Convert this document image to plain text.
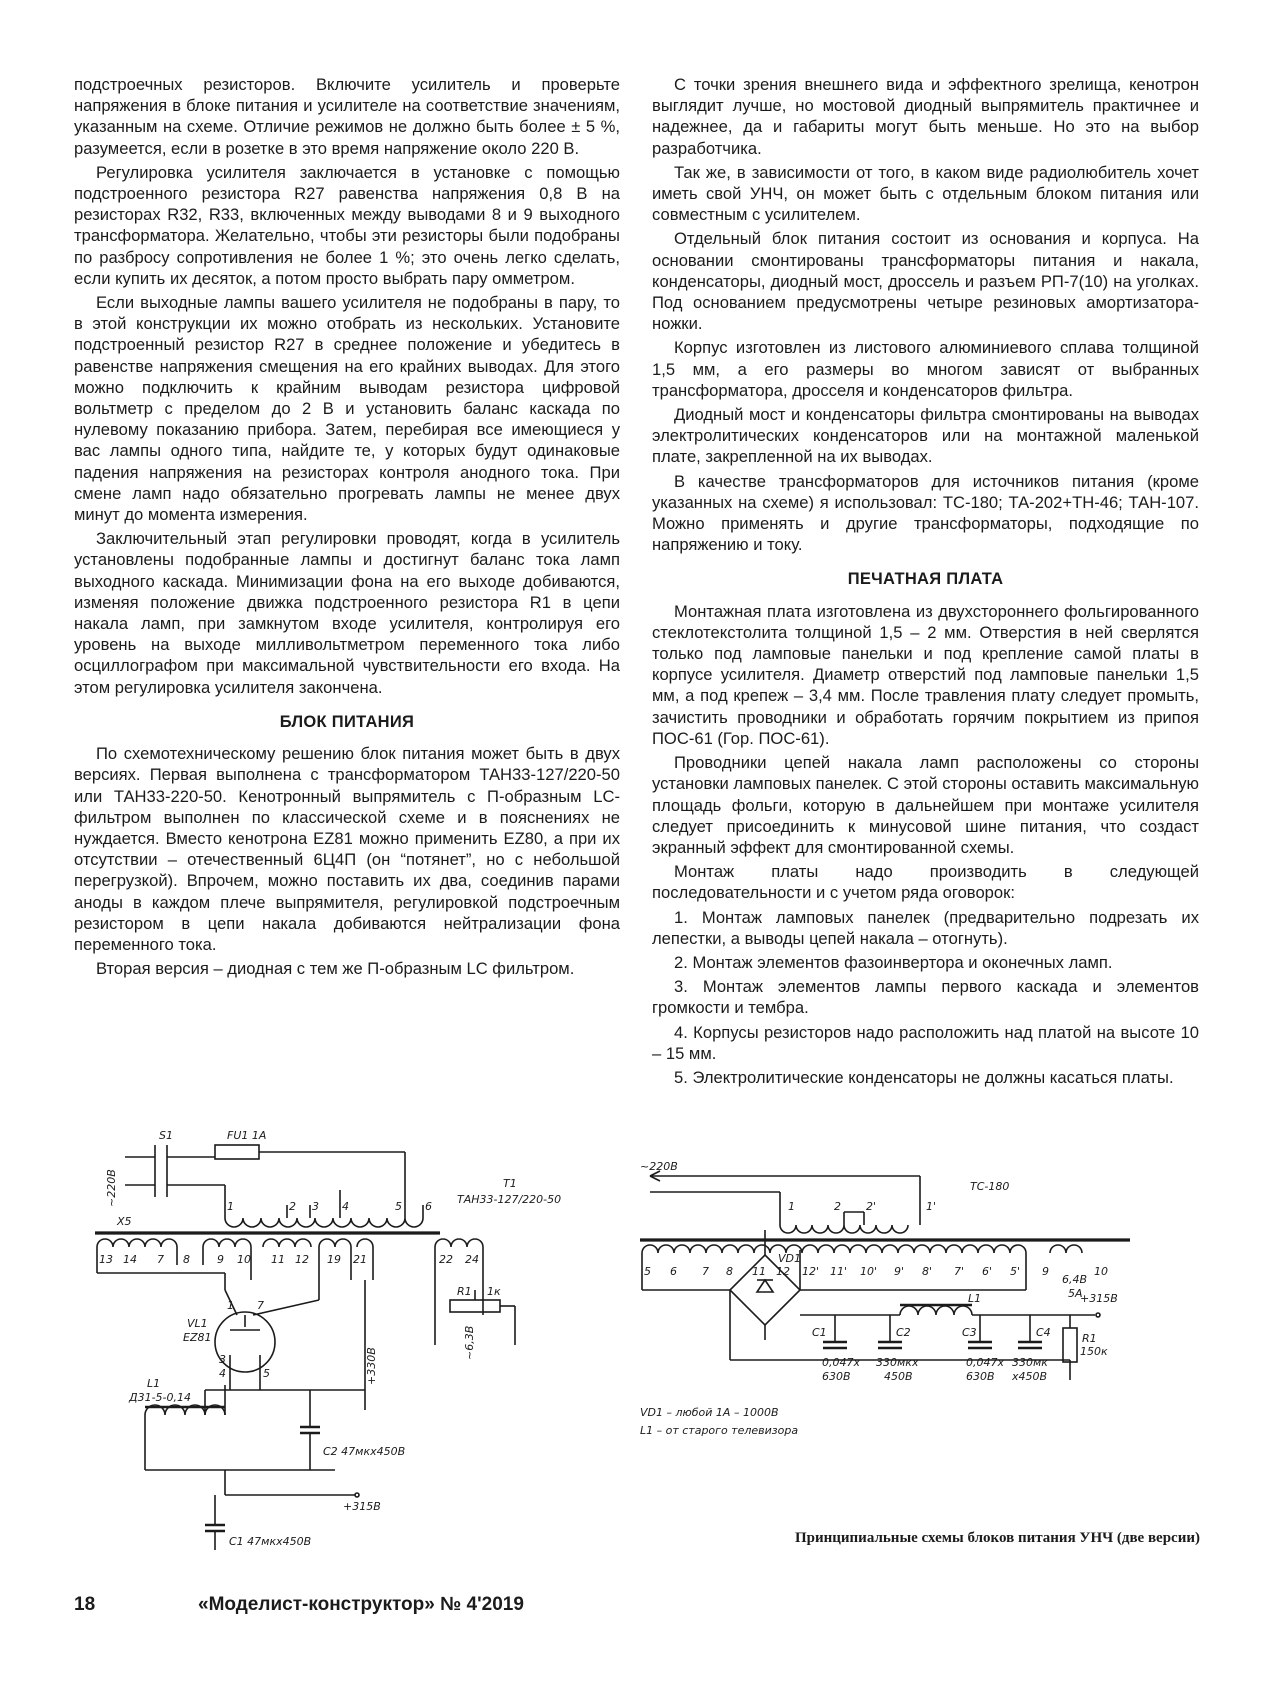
подстроечных резисторов. Включите усилитель и проверьте напряжения в блоке питания и усилителе на соответствие значениям, указанным на схеме. Отличие режимов не должно быть более ± 5 %, разумеется, если в розетке в это время напряжение около 220 В.

Регулировка усилителя заключается в установке с помощью подстроенного резистора R27 равенства напряжения 0,8 В на резисторах R32, R33, включенных между выводами 8 и 9 выходного трансформатора. Желательно, чтобы эти резисторы были подобраны по разбросу сопротивления не более 1 %; это очень легко сделать, если купить их десяток, а потом просто выбрать пару омметром.

Если выходные лампы вашего усилителя не подобраны в пару, то в этой конструкции их можно отобрать из нескольких. Установите подстроенный резистор R27 в среднее положение и убедитесь в равенстве напряжения смещения на его крайних выводах. Для этого можно подключить к крайним выводам резистора цифровой вольтметр с пределом до 2 В и установить баланс каскада по нулевому показанию прибора. Затем, перебирая все имеющиеся у вас лампы одного типа, найдите те, у которых будут одинаковые падения напряжения на резисторах контроля анодного тока. При смене ламп надо обязательно прогревать лампы не менее двух минут до момента измерения.

Заключительный этап регулировки проводят, когда в усилитель установлены подобранные лампы и достигнут баланс тока ламп выходного каскада. Минимизации фона на его выходе добиваются, изменяя положение движка подстроенного резистора R1 в цепи накала ламп, при замкнутом входе усилителя, контролируя его уровень на выходе милливольтметром переменного тока либо осциллографом при максимальной чувствительности его входа. На этом регулировка усилителя закончена.

БЛОК ПИТАНИЯ

По схемотехническому решению блок питания может быть в двух версиях. Первая выполнена с трансформатором ТАН33-127/220-50 или ТАН33-220-50. Кенотронный выпрямитель с П-образным LC-фильтром выполнен по классической схеме и в пояснениях не нуждается. Вместо кенотрона EZ81 можно применить EZ80, а при их отсутствии – отечественный 6Ц4П (он “потянет”, но с небольшой перегрузкой). Впрочем, можно поставить их два, соединив парами аноды в каждом плече выпрямителя, регулировкой подстроечным резистором в цепи накала добиваются нейтрализации фона переменного тока.

Вторая версия – диодная с тем же П-образным LC фильтром.

С точки зрения внешнего вида и эффектного зрелища, кенотрон выглядит лучше, но мостовой диодный выпрямитель практичнее и надежнее, да и габариты могут быть меньше. Но это на выбор разработчика.

Так же, в зависимости от того, в каком виде радиолюбитель хочет иметь свой УНЧ, он может быть с отдельным блоком питания или совместным с усилителем.

Отдельный блок питания состоит из основания и корпуса. На основании смонтированы трансформаторы питания и накала, конденсаторы, диодный мост, дроссель и разъем РП-7(10) на уголках. Под основанием предусмотрены четыре резиновых амортизатора-ножки.

Корпус изготовлен из листового алюминиевого сплава толщиной 1,5 мм, а его размеры во многом зависят от выбранных трансформатора, дросселя и конденсаторов фильтра.

Диодный мост и конденсаторы фильтра смонтированы на выводах электролитических конденсаторов или на монтажной маленькой плате, закрепленной на их выводах.

В качестве трансформаторов для источников питания (кроме указанных на схеме) я использовал: ТС-180; ТА-202+ТН-46; ТАН-107. Можно применять и другие трансформаторы, подходящие по напряжению и току.

ПЕЧАТНАЯ ПЛАТА

Монтажная плата изготовлена из двухстороннего фольгированного стеклотекстолита толщиной 1,5 – 2 мм. Отверстия в ней сверлятся только под ламповые панельки и под крепление самой платы в корпусе усилителя. Диаметр отверстий под ламповые панельки 1,5 мм, а под крепеж – 3,4 мм. После травления плату следует промыть, зачистить проводники и обработать горячим покрытием из припоя ПОС-61 (Гор. ПОС-61).

Проводники цепей накала ламп расположены со стороны установки ламповых панелек. С этой стороны оставить максимальную площадь фольги, которую в дальнейшем при монтаже усилителя следует присоединить к минусовой шине питания, что создаст экранный эффект для смонтированной схемы.

Монтаж платы надо производить в следующей последовательности и с учетом ряда оговорок:

1. Монтаж ламповых панелек (предварительно подрезать их лепестки, а выводы цепей накала – отогнуть).

2. Монтаж элементов фазоинвертора и оконечных ламп.

3. Монтаж элементов лампы первого каскада и элементов громкости и тембра.

4. Корпусы резисторов надо расположить над платой на высоте 10 – 15 мм.

5. Электролитические конденсаторы не должны касаться платы.

S1	FU1 1А
~220В
X5
T1
ТАН33-127/220-50
1	2 3 4	5 6
13 14 7 8 9 10 11 12 19 21	22 24
R1 1к
~6,3В
+330В
VL1
EZ81
1 7
3
4	5
L1
Д31-5-0,14
C2 47мкх450В
+315В
C1 47мкх450В
~220В
ТС-180
1	2 2'	1'
5 6 7 8 11 12 12' 11' 10' 9' 8' 7' 6' 5' 9	10
6,4В
5А
VD1
L1	+315В
C1
0,047х
630В
C2
330мкх
450В
C3
0,047х
630В
C4
330мк
х450В
R1
150к
VD1 – любой 1А – 1000В
L1 – от старого телевизора
Принципиальные схемы блоков питания УНЧ (две версии)
18	«Моделист-конструктор» № 4'2019
